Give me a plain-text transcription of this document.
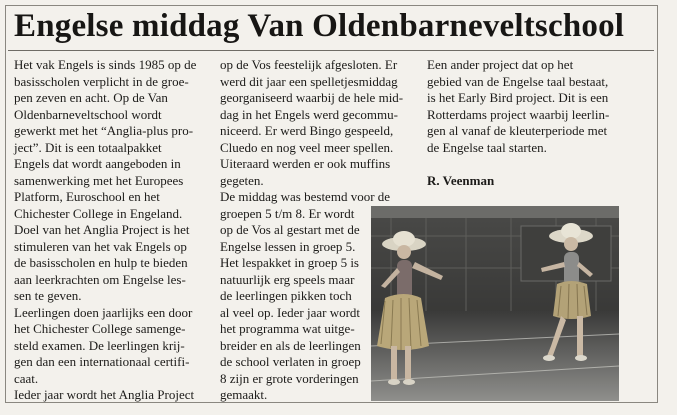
Engelse middag Van Oldenbarneveltschool
Het vak Engels is sinds 1985 op de
basisscholen verplicht in de groe-
pen zeven en acht. Op de Van
Oldenbarneveltschool wordt
gewerkt met het “Anglia-plus pro-
ject”. Dit is een totaalpakket
Engels dat wordt aangeboden in
samenwerking met het Europees
Platform, Euroschool en het
Chichester College in Engeland.
Doel van het Anglia Project is het
stimuleren van het vak Engels op
de basisscholen en hulp te bieden
aan leerkrachten om Engelse les-
sen te geven.
Leerlingen doen jaarlijks een door
het Chichester College samenge-
steld examen. De leerlingen krij-
gen dan een internationaal certifi-
caat.
Ieder jaar wordt het Anglia Project
op de Vos feestelijk afgesloten. Er
werd dit jaar een spelletjesmiddag
georganiseerd waarbij de hele mid-
dag in het Engels werd gecommu-
niceerd. Er werd Bingo gespeeld,
Cluedo en nog veel meer spellen.
Uiteraard werden er ook muffins
gegeten.
De middag was bestemd voor de
groepen 5 t/m 8. Er wordt
op de Vos al gestart met de
Engelse lessen in groep 5.
Het lespakket in groep 5 is
natuurlijk erg speels maar
de leerlingen pikken toch
al veel op. Ieder jaar wordt
het programma wat uitge-
breider en als de leerlingen
de school verlaten in groep
8 zijn er grote vorderingen
gemaakt.
Een ander project dat op het
gebied van de Engelse taal bestaat,
is het Early Bird project. Dit is een
Rotterdams project waarbij leerlin-
gen al vanaf de kleuterperiode met
de Engelse taal starten.
R. Veenman
